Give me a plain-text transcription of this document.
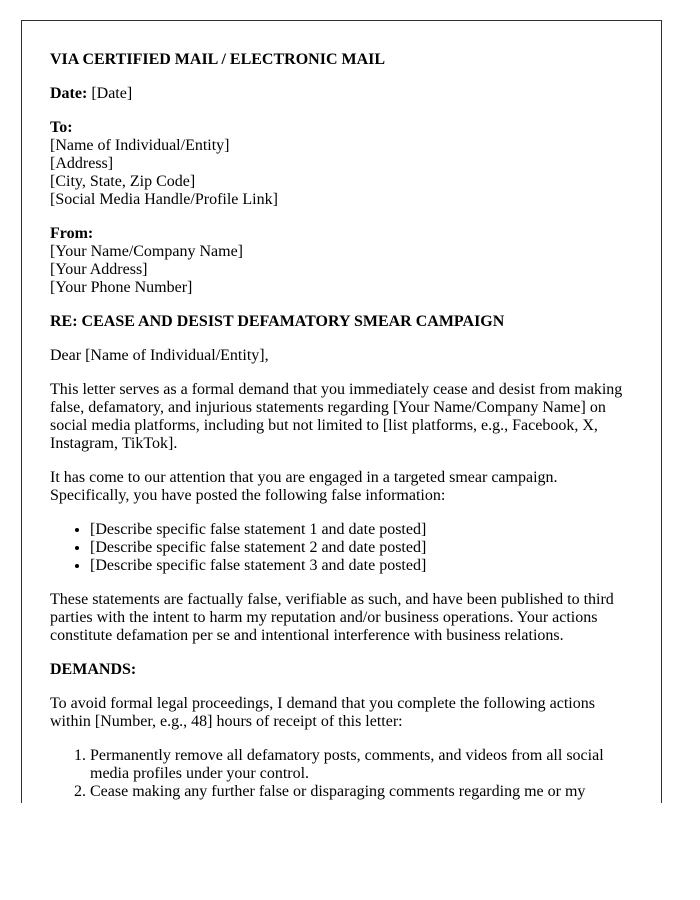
VIA CERTIFIED MAIL / ELECTRONIC MAIL

Date: [Date]

To:
[Name of Individual/Entity]
[Address]
[City, State, Zip Code]
[Social Media Handle/Profile Link]

From:
[Your Name/Company Name]
[Your Address]
[Your Phone Number]

RE: CEASE AND DESIST DEFAMATORY SMEAR CAMPAIGN

Dear [Name of Individual/Entity],

This letter serves as a formal demand that you immediately cease and desist from making false, defamatory, and injurious statements regarding [Your Name/Company Name] on social media platforms, including but not limited to [list platforms, e.g., Facebook, X, Instagram, TikTok].

It has come to our attention that you are engaged in a targeted smear campaign. Specifically, you have posted the following false information:

• [Describe specific false statement 1 and date posted]
• [Describe specific false statement 2 and date posted]
• [Describe specific false statement 3 and date posted]

These statements are factually false, verifiable as such, and have been published to third parties with the intent to harm my reputation and/or business operations. Your actions constitute defamation per se and intentional interference with business relations.

DEMANDS:

To avoid formal legal proceedings, I demand that you complete the following actions within [Number, e.g., 48] hours of receipt of this letter:

1. Permanently remove all defamatory posts, comments, and videos from all social media profiles under your control.
2. Cease making any further false or disparaging comments regarding me or my
